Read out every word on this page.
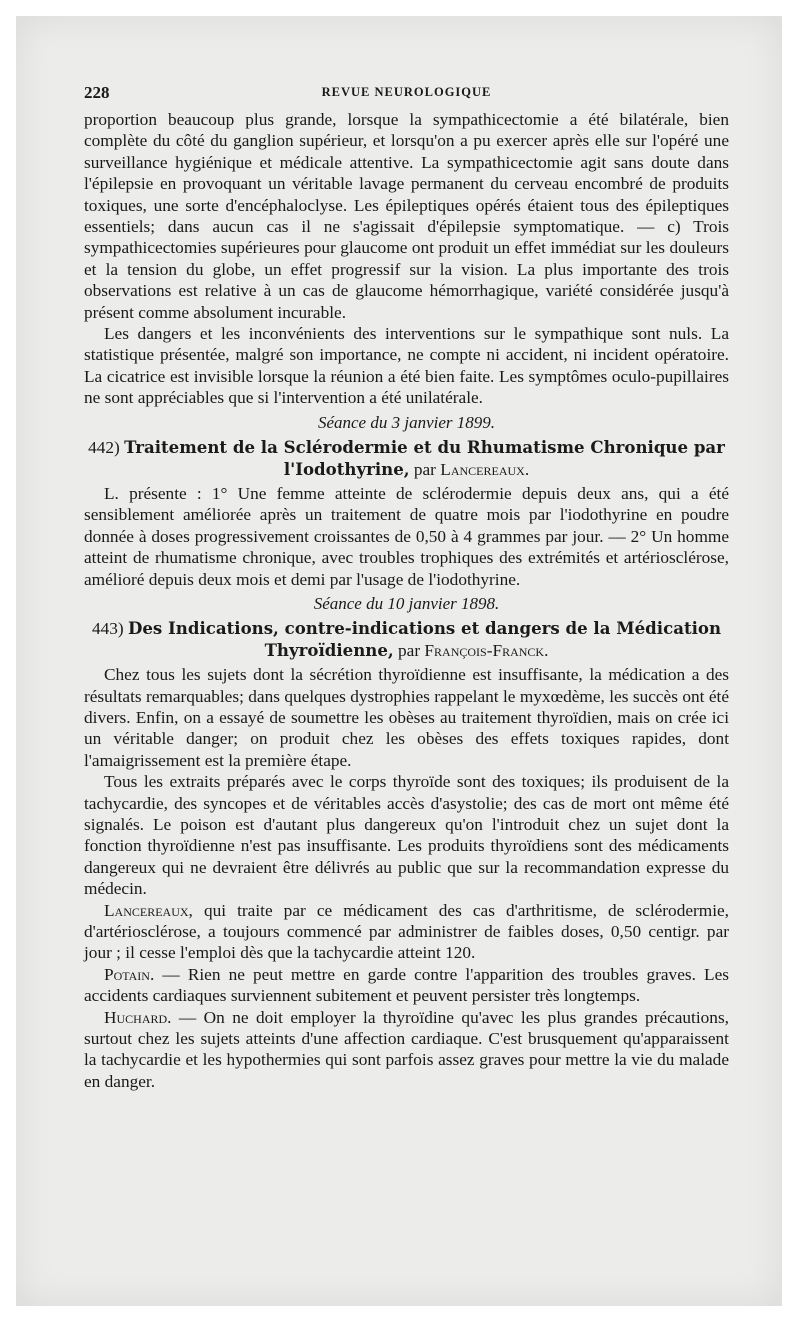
228	REVUE NEUROLOGIQUE

proportion beaucoup plus grande, lorsque la sympathicectomie a été bilatérale, bien complète du côté du ganglion supérieur, et lorsqu'on a pu exercer après elle sur l'opéré une surveillance hygiénique et médicale attentive. La sympathicectomie agit sans doute dans l'épilepsie en provoquant un véritable lavage permanent du cerveau encombré de produits toxiques, une sorte d'encéphaloclyse. Les épileptiques opérés étaient tous des épileptiques essentiels; dans aucun cas il ne s'agissait d'épilepsie symptomatique. — c) Trois sympathicectomies supérieures pour glaucome ont produit un effet immédiat sur les douleurs et la tension du globe, un effet progressif sur la vision. La plus importante des trois observations est relative à un cas de glaucome hémorrhagique, variété considérée jusqu'à présent comme absolument incurable.

Les dangers et les inconvénients des interventions sur le sympathique sont nuls. La statistique présentée, malgré son importance, ne compte ni accident, ni incident opératoire. La cicatrice est invisible lorsque la réunion a été bien faite. Les symptômes oculo-pupillaires ne sont appréciables que si l'intervention a été unilatérale.

Séance du 3 janvier 1899.
442) Traitement de la Sclérodermie et du Rhumatisme Chronique par l'Iodothyrine, par Lancereaux.

L. présente : 1° Une femme atteinte de sclérodermie depuis deux ans, qui a été sensiblement améliorée après un traitement de quatre mois par l'iodothyrine en poudre donnée à doses progressivement croissantes de 0,50 à 4 grammes par jour. — 2° Un homme atteint de rhumatisme chronique, avec troubles trophiques des extrémités et artériosclérose, amélioré depuis deux mois et demi par l'usage de l'iodothyrine.

Séance du 10 janvier 1898.
443) Des Indications, contre-indications et dangers de la Médication Thyroïdienne, par François-Franck.

Chez tous les sujets dont la sécrétion thyroïdienne est insuffisante, la médication a des résultats remarquables; dans quelques dystrophies rappelant le myxœdème, les succès ont été divers. Enfin, on a essayé de soumettre les obèses au traitement thyroïdien, mais on crée ici un véritable danger; on produit chez les obèses des effets toxiques rapides, dont l'amaigrissement est la première étape.

Tous les extraits préparés avec le corps thyroïde sont des toxiques; ils produisent de la tachycardie, des syncopes et de véritables accès d'asystolie; des cas de mort ont même été signalés. Le poison est d'autant plus dangereux qu'on l'introduit chez un sujet dont la fonction thyroïdienne n'est pas insuffisante. Les produits thyroïdiens sont des médicaments dangereux qui ne devraient être délivrés au public que sur la recommandation expresse du médecin.

Lancereaux, qui traite par ce médicament des cas d'arthritisme, de sclérodermie, d'artériosclérose, a toujours commencé par administrer de faibles doses, 0,50 centigr. par jour ; il cesse l'emploi dès que la tachycardie atteint 120.

Potain. — Rien ne peut mettre en garde contre l'apparition des troubles graves. Les accidents cardiaques surviennent subitement et peuvent persister très longtemps.

Huchard. — On ne doit employer la thyroïdine qu'avec les plus grandes précautions, surtout chez les sujets atteints d'une affection cardiaque. C'est brusquement qu'apparaissent la tachycardie et les hypothermies qui sont parfois assez graves pour mettre la vie du malade en danger.
